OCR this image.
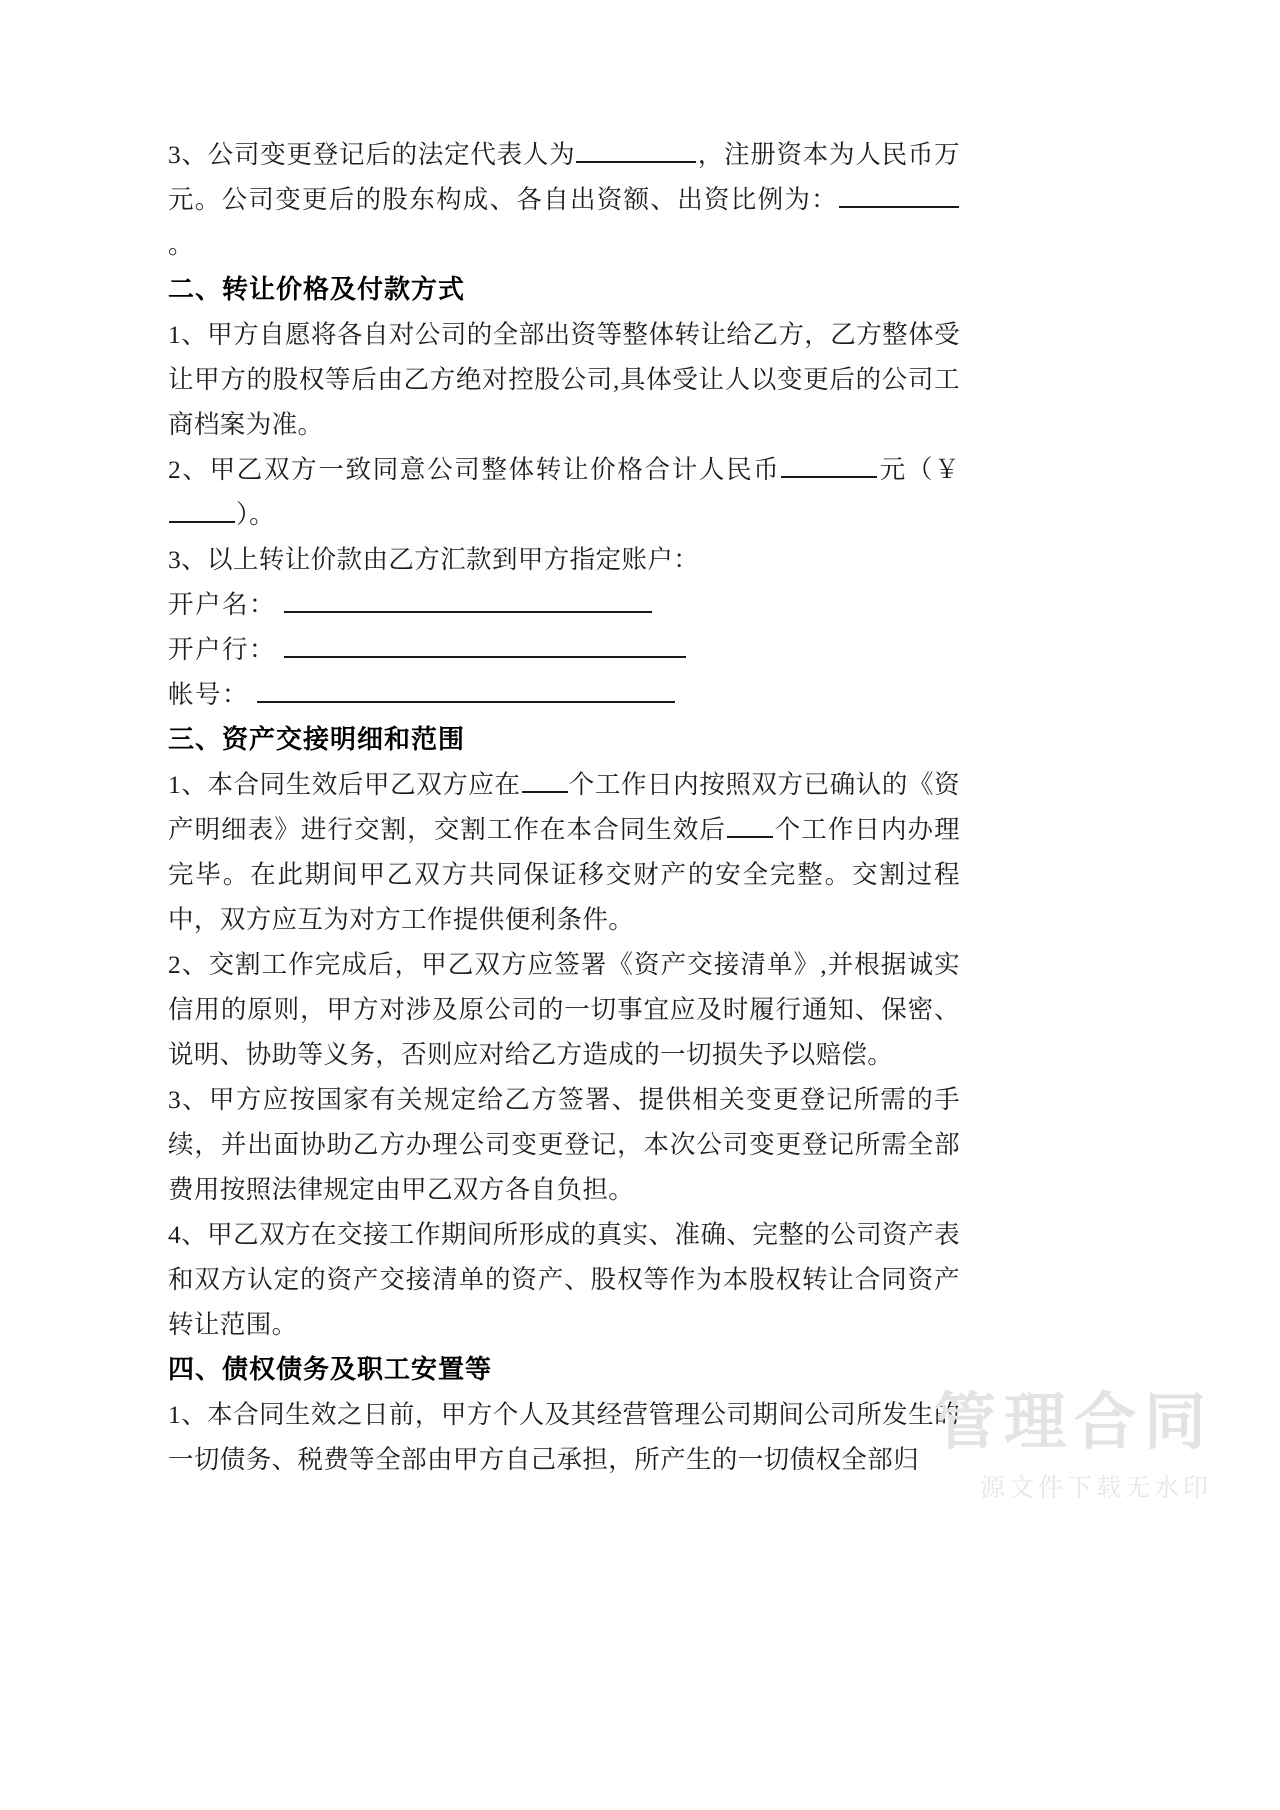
3、公司变更登记后的法定代表人为	，注册资本为人民币万元。公司变更后的股东构成、各自出资额、出资比例为：。

二、转让价格及付款方式

1、甲方自愿将各自对公司的全部出资等整体转让给乙方，乙方整体受让甲方的股权等后由乙方绝对控股公司,具体受让人以变更后的公司工商档案为准。

2、甲乙双方一致同意公司整体转让价格合计人民币	元（￥）。

3、以上转让价款由乙方汇款到甲方指定账户：

开户名：

开户行：

帐号：

三、资产交接明细和范围

1、本合同生效后甲乙双方应在 个工作日内按照双方已确认的《资产明细表》进行交割，交割工作在本合同生效后 个工作日内办理完毕。在此期间甲乙双方共同保证移交财产的安全完整。交割过程中，双方应互为对方工作提供便利条件。

2、交割工作完成后，甲乙双方应签署《资产交接清单》,并根据诚实信用的原则，甲方对涉及原公司的一切事宜应及时履行通知、保密、说明、协助等义务，否则应对给乙方造成的一切损失予以赔偿。

3、甲方应按国家有关规定给乙方签署、提供相关变更登记所需的手续，并出面协助乙方办理公司变更登记，本次公司变更登记所需全部费用按照法律规定由甲乙双方各自负担。

4、甲乙双方在交接工作期间所形成的真实、准确、完整的公司资产表和双方认定的资产交接清单的资产、股权等作为本股权转让合同资产转让范围。

四、债权债务及职工安置等

1、本合同生效之日前，甲方个人及其经营管理公司期间公司所发生的一切债务、税费等全部由甲方自己承担，所产生的一切债权全部归

管理合同
源文件下载无水印
